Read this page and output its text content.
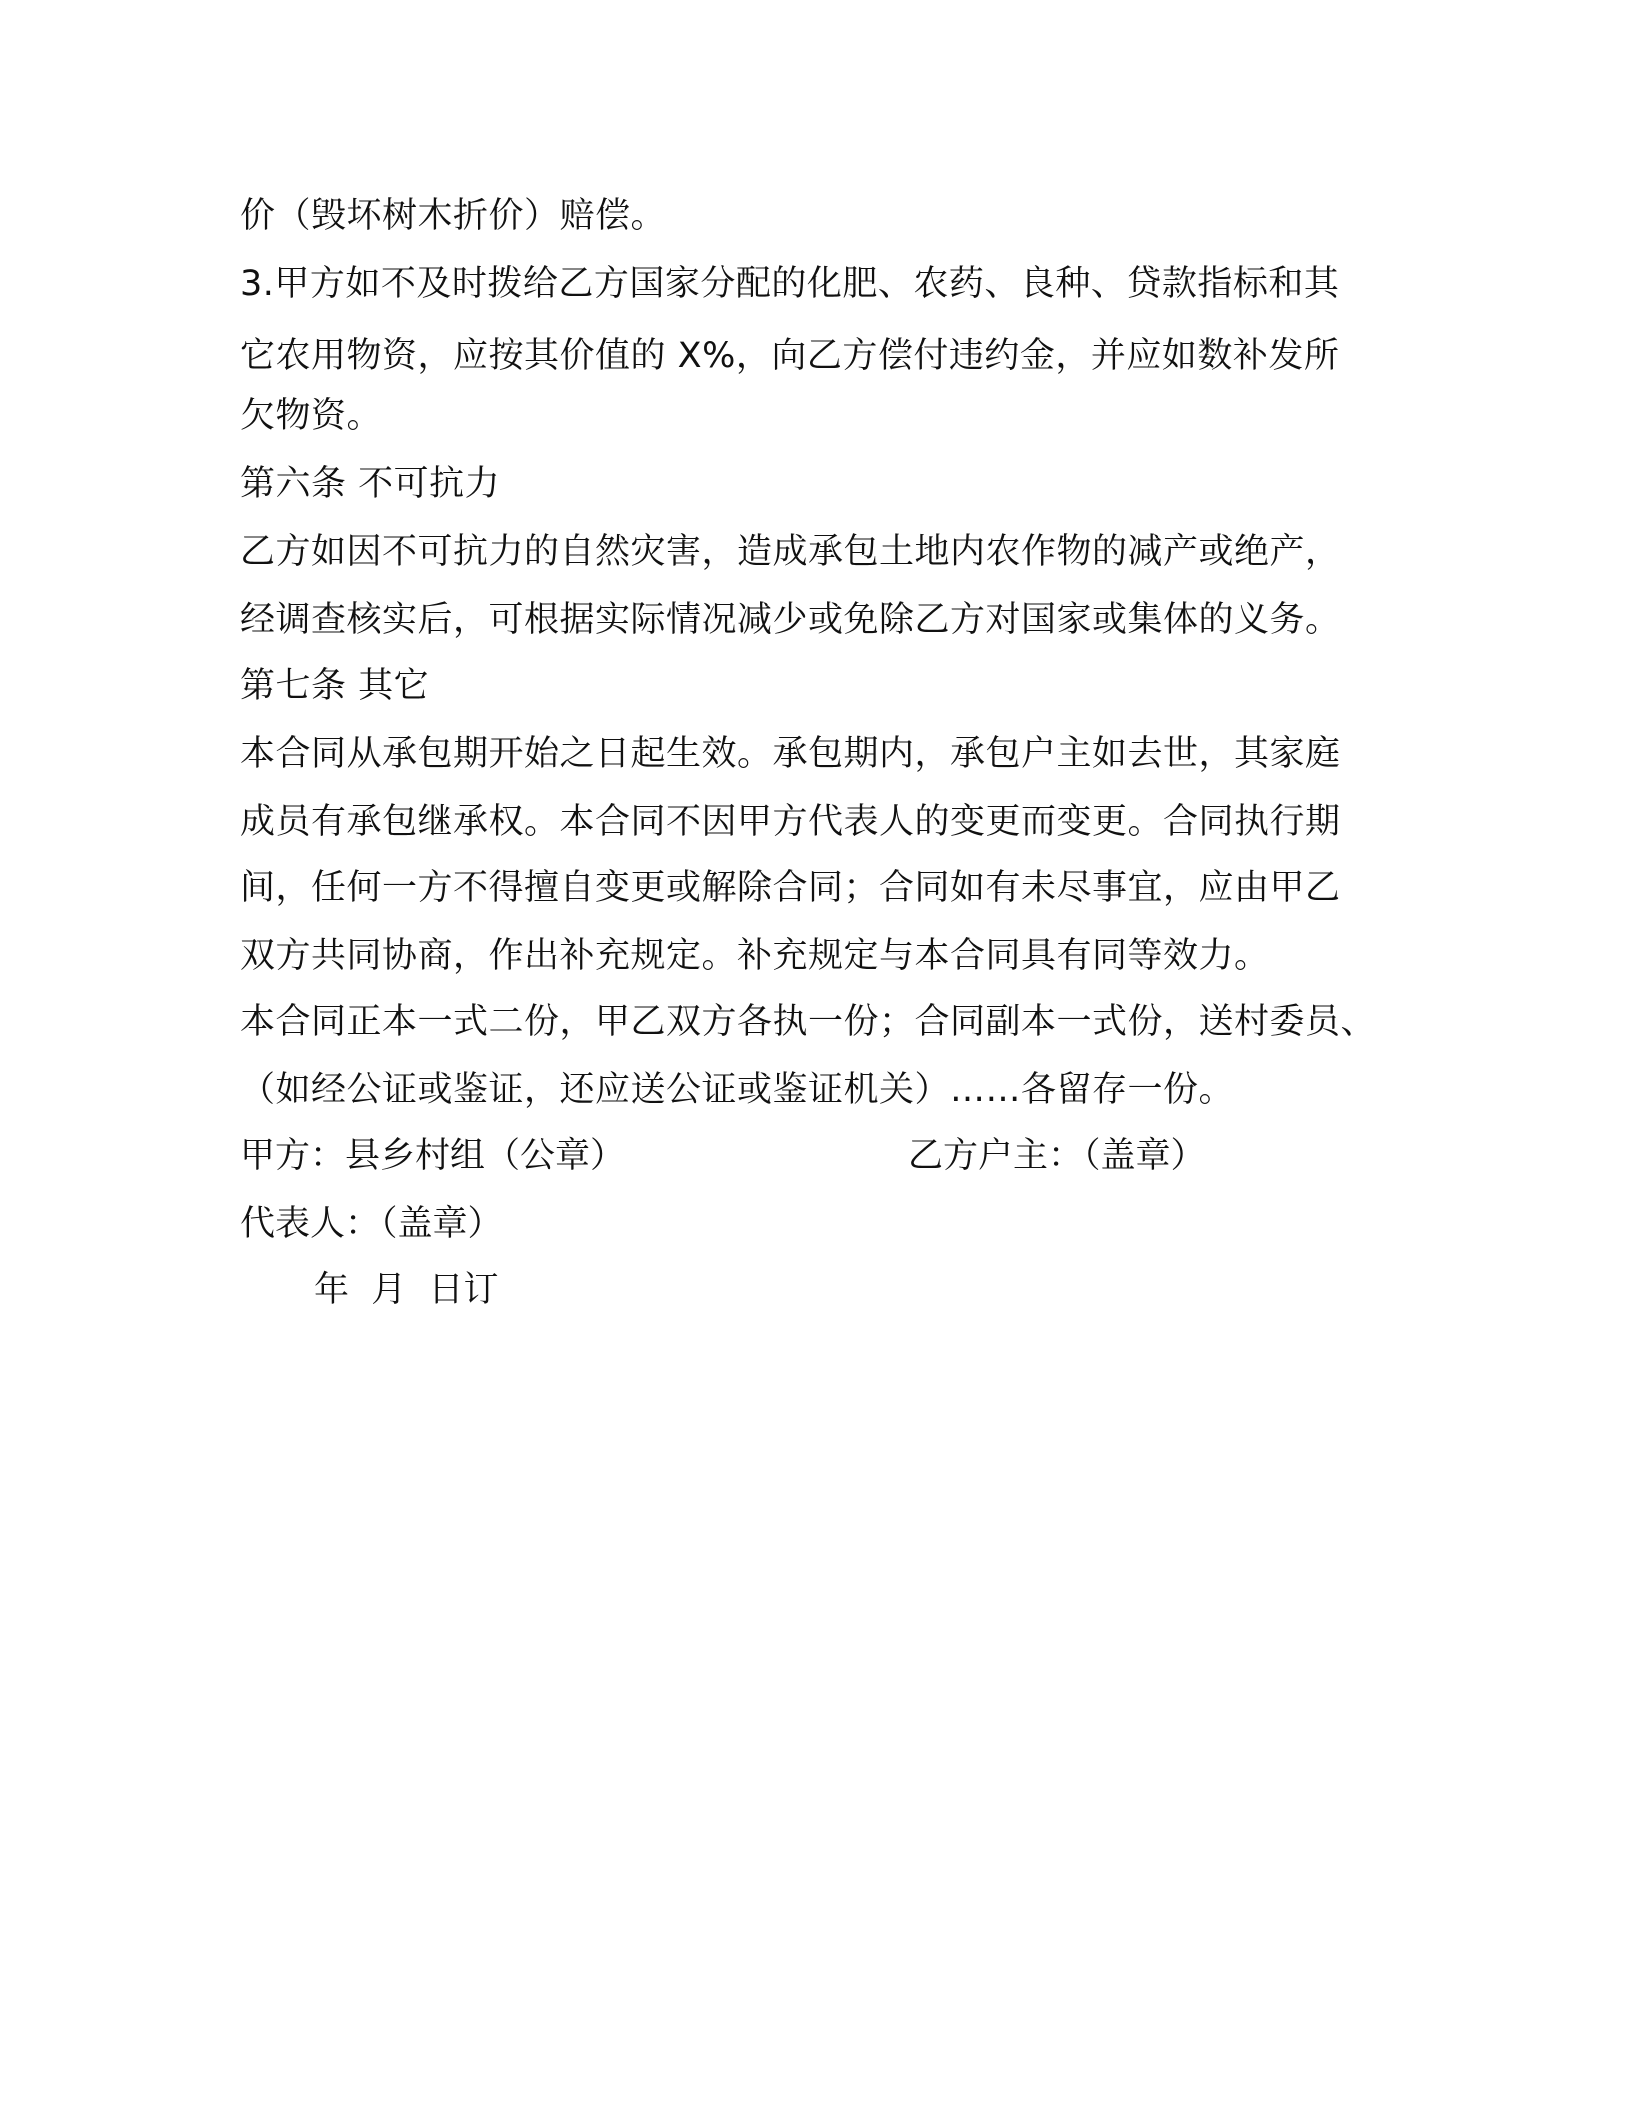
价（毁坏树木折价）赔偿。
3.甲方如不及时拨给乙方国家分配的化肥、农药、良种、贷款指标和其
它农用物资，应按其价值的 X%，向乙方偿付违约金，并应如数补发所
欠物资。
第六条 不可抗力
乙方如因不可抗力的自然灾害，造成承包土地内农作物的减产或绝产，
经调查核实后，可根据实际情况减少或免除乙方对国家或集体的义务。
第七条 其它
本合同从承包期开始之日起生效。承包期内，承包户主如去世，其家庭
成员有承包继承权。本合同不因甲方代表人的变更而变更。合同执行期
间，任何一方不得擅自变更或解除合同；合同如有未尽事宜，应由甲乙
双方共同协商，作出补充规定。补充规定与本合同具有同等效力。
本合同正本一式二份，甲乙双方各执一份；合同副本一式份，送村委员、
（如经公证或鉴证，还应送公证或鉴证机关）……各留存一份。
甲方：县乡村组（公章）	乙方户主：（盖章）
代表人：（盖章）
年  月  日订
